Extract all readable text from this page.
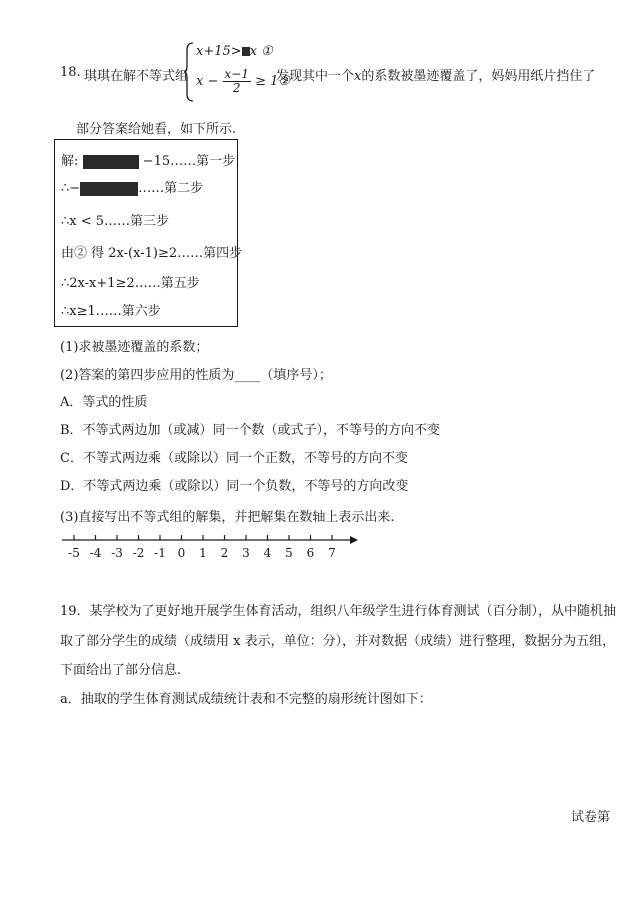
18. 琪琪在解不等式组
x+15> x ①
$x - \frac{x-1}{2}$ ≥ 1②
发现其中一个x的系数被墨迹覆盖了，妈妈用纸片挡住了
部分答案给她看，如下所示.
解:	−15……第一步
∴−	……第二步
∴x < 5……第三步
由② 得 2x-(x-1)≥2……第四步
∴2x-x+1≥2……第五步
∴x≥1……第六步
(1)求被墨迹覆盖的系数；
(2)答案的第四步应用的性质为____（填序号）；
A．等式的性质
B．不等式两边加（或减）同一个数（或式子），不等号的方向不变
C．不等式两边乘（或除以）同一个正数，不等号的方向不变
D．不等式两边乘（或除以）同一个负数，不等号的方向改变
(3)直接写出不等式组的解集，并把解集在数轴上表示出来.
-5 -4 -3 -2 -1 0 1 2 3 4 5 6 7
19．某学校为了更好地开展学生体育活动，组织八年级学生进行体育测试（百分制），从中随机抽
取了部分学生的成绩（成绩用 x 表示，单位：分），并对数据（成绩）进行整理，数据分为五组，
下面给出了部分信息.
a．抽取的学生体育测试成绩统计表和不完整的扇形统计图如下：
试卷第
